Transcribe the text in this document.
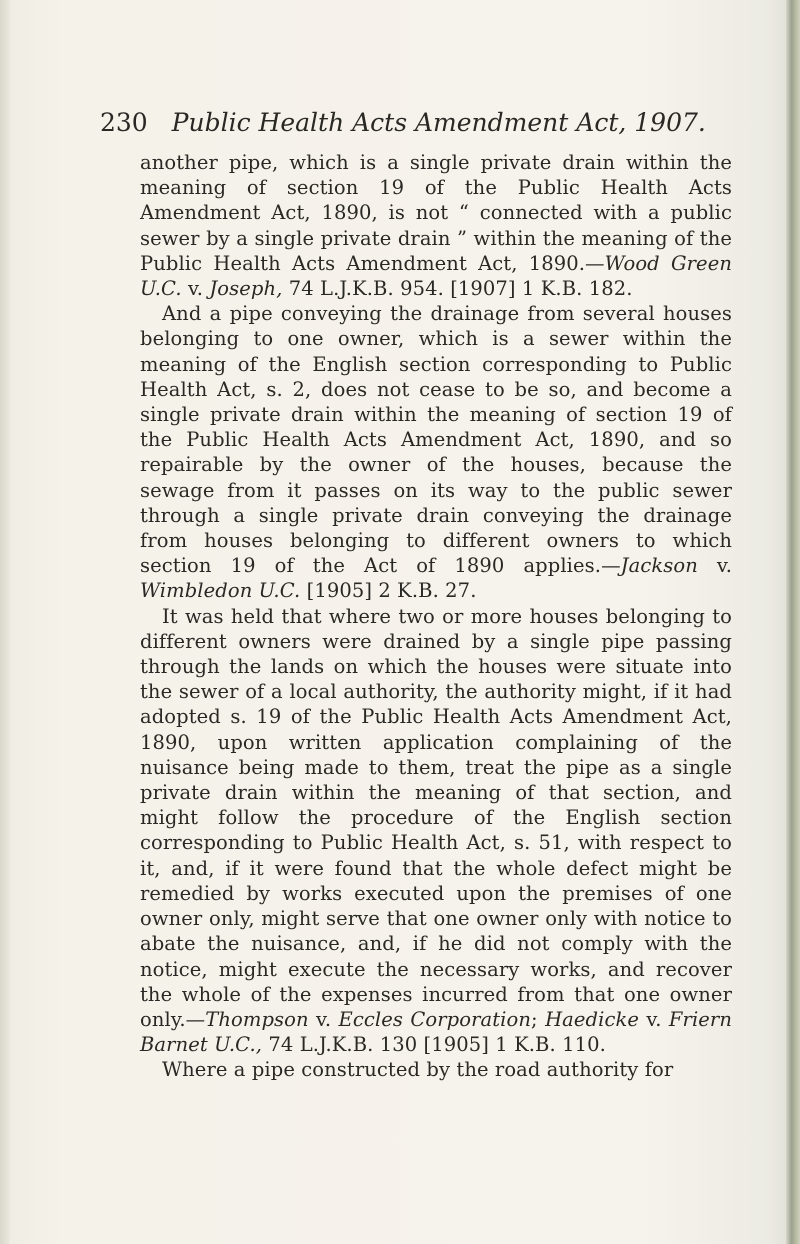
230 Public Health Acts Amendment Act, 1907.

another pipe, which is a single private drain within the meaning of section 19 of the Public Health Acts Amendment Act, 1890, is not “ connected with a public sewer by a single private drain ” within the meaning of the Public Health Acts Amendment Act, 1890.—Wood Green U.C. v. Joseph, 74 L.J.K.B. 954. [1907] 1 K.B. 182.

And a pipe conveying the drainage from several houses belonging to one owner, which is a sewer within the meaning of the English section corresponding to Public Health Act, s. 2, does not cease to be so, and become a single private drain within the meaning of section 19 of the Public Health Acts Amendment Act, 1890, and so repairable by the owner of the houses, because the sewage from it passes on its way to the public sewer through a single private drain conveying the drainage from houses belonging to different owners to which section 19 of the Act of 1890 applies.—Jackson v. Wimbledon U.C. [1905] 2 K.B. 27.

It was held that where two or more houses belonging to different owners were drained by a single pipe passing through the lands on which the houses were situate into the sewer of a local authority, the authority might, if it had adopted s. 19 of the Public Health Acts Amendment Act, 1890, upon written application complaining of the nuisance being made to them, treat the pipe as a single private drain within the meaning of that section, and might follow the procedure of the English section corresponding to Public Health Act, s. 51, with respect to it, and, if it were found that the whole defect might be remedied by works executed upon the premises of one owner only, might serve that one owner only with notice to abate the nuisance, and, if he did not comply with the notice, might execute the necessary works, and recover the whole of the expenses incurred from that one owner only.—Thompson v. Eccles Corporation; Haedicke v. Friern Barnet U.C., 74 L.J.K.B. 130 [1905] 1 K.B. 110.

Where a pipe constructed by the road authority for
